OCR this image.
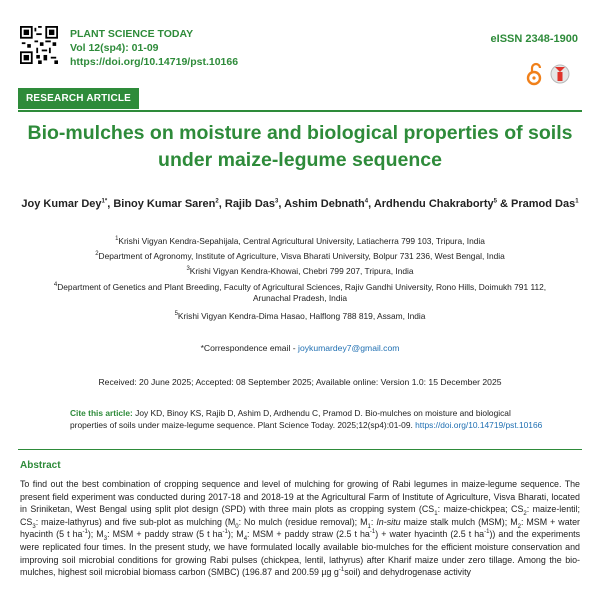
PLANT SCIENCE TODAY
Vol 12(sp4): 01-09
https://doi.org/10.14719/pst.10166
eISSN 2348-1900
RESEARCH ARTICLE
Bio-mulches on moisture and biological properties of soils
under maize-legume sequence
Joy Kumar Dey$^{1*}$, Binoy Kumar Saren$^2$, Rajib Das$^3$, Ashim Debnath$^4$, Ardhendu Chakraborty$^5$ & Pramod Das$^1$
$^1$Krishi Vigyan Kendra-Sepahijala, Central Agricultural University, Latiacherra 799 103, Tripura, India
$^2$Department of Agronomy, Institute of Agriculture, Visva Bharati University, Bolpur 731 236, West Bengal, India
$^3$Krishi Vigyan Kendra-Khowai, Chebri 799 207, Tripura, India
$^4$Department of Genetics and Plant Breeding, Faculty of Agricultural Sciences, Rajiv Gandhi University, Rono Hills, Doimukh 791 112,
Arunachal Pradesh, India
$^5$Krishi Vigyan Kendra-Dima Hasao, Halflong 788 819, Assam, India
*Correspondence email - joykumardey7@gmail.com
Received: 20 June 2025; Accepted: 08 September 2025; Available online: Version 1.0: 15 December 2025
Cite this article: Joy KD, Binoy KS, Rajib D, Ashim D, Ardhendu C, Pramod D. Bio-mulches on moisture and biological properties of soils under maize-legume sequence. Plant Science Today. 2025;12(sp4):01-09. https://doi.org/10.14719/pst.10166
Abstract
To find out the best combination of cropping sequence and level of mulching for growing of Rabi legumes in maize-legume sequence. The present field experiment was conducted during 2017-18 and 2018-19 at the Agricultural Farm of Institute of Agriculture, Visva Bharati, located in Sriniketan, West Bengal using split plot design (SPD) with three main plots as cropping system ($CS_1$: maize-chickpea; $CS_2$: maize-lentil; $CS_3$: maize-lathyrus) and five sub-plot as mulching ($M_0$: No mulch (residue removal); $M_1$: In-situ maize stalk mulch (MSM); $M_2$: MSM + water hyacinth (5 t $ha^{-1}$); $M_3$: MSM + paddy straw (5 t $ha^{-1}$); $M_4$: MSM + paddy straw (2.5 t $ha^{-1}$) + water hyacinth (2.5 t $ha^{-1}$)) and the experiments were replicated four times. In the present study, we have formulated locally available bio-mulches for the efficient moisture conservation and improving soil microbial conditions for growing Rabi pulses (chickpea, lentil, lathyrus) after Kharif maize under zero tillage. Among the bio-mulches, highest soil microbial biomass carbon (SMBC) (196.87 and 200.59 µg $g^{-1}soil$) and dehydrogenase activity
